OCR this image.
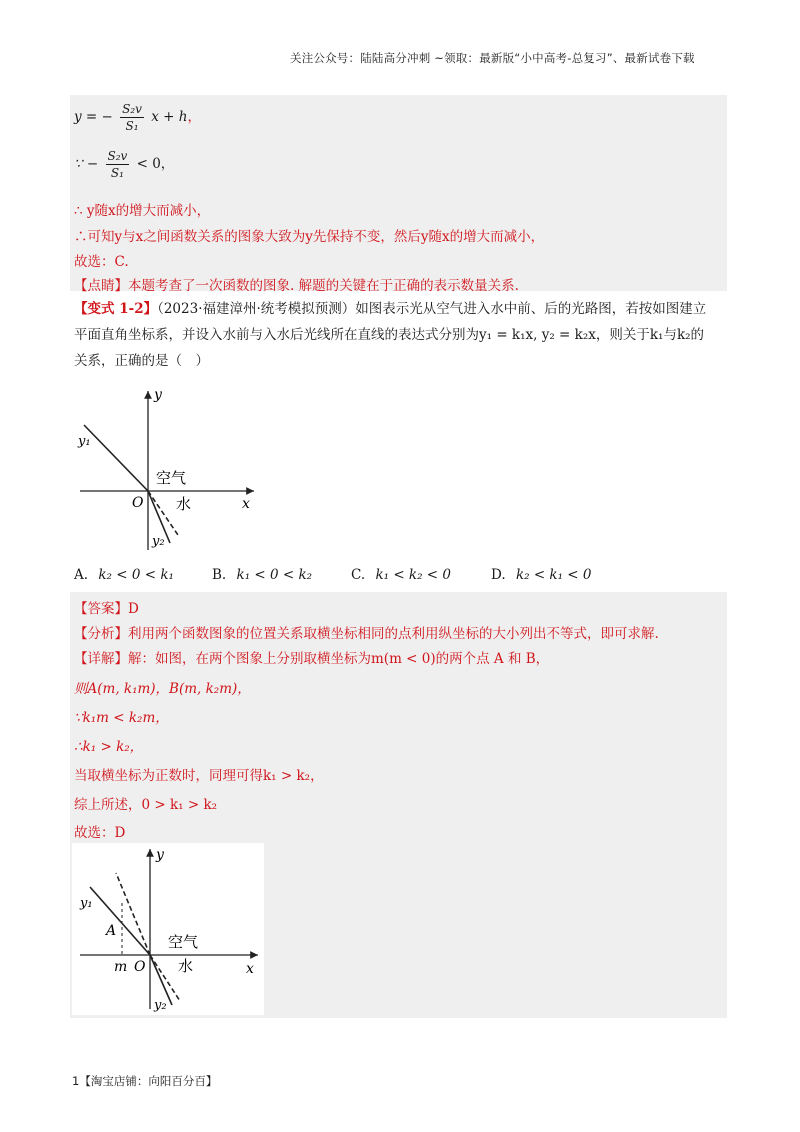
关注公众号：陆陆高分冲刺 ~领取：最新版“小中高考-总复习”、最新试卷下载
y = − $\frac{\text{S₂v}}{\text{S₁}}$ x + h，
∵ − $\frac{\text{S₂v}}{\text{S₁}} < 0$，
∴ y随x的增大而减小，
∴可知y与x之间函数关系的图象大致为y先保持不变，然后y随x的增大而减小，
故选：C.
【点睛】本题考查了一次函数的图象. 解题的关键在于正确的表示数量关系.
【变式 1-2】（2023·福建漳州·统考模拟预测）如图表示光从空气进入水中前、后的光路图，若按如图建立
平面直角坐标系，并设入水前与入水后光线所在直线的表达式分别为y₁ = k₁x, y₂ = k₂x，则关于k₁与k₂的
关系，正确的是（　）
y
x
O
y₁
y₂
空气
水
A. k₂ < 0 < k₁	B. k₁ < 0 < k₂	C. k₁ < k₂ < 0	D. k₂ < k₁ < 0
【答案】D
【分析】利用两个函数图象的位置关系取横坐标相同的点利用纵坐标的大小列出不等式，即可求解.
【详解】解：如图，在两个图象上分别取横坐标为m(m < 0)的两个点 A 和 B，
则A(m, k₁m)，B(m, k₂m)，
∵k₁m < k₂m，
∴k₁ > k₂，
当取横坐标为正数时，同理可得k₁ > k₂，
综上所述，0 > k₁ > k₂
故选：D
y
x
O
A
m
y₁
y₂
空气
水
1【淘宝店铺：向阳百分百】
